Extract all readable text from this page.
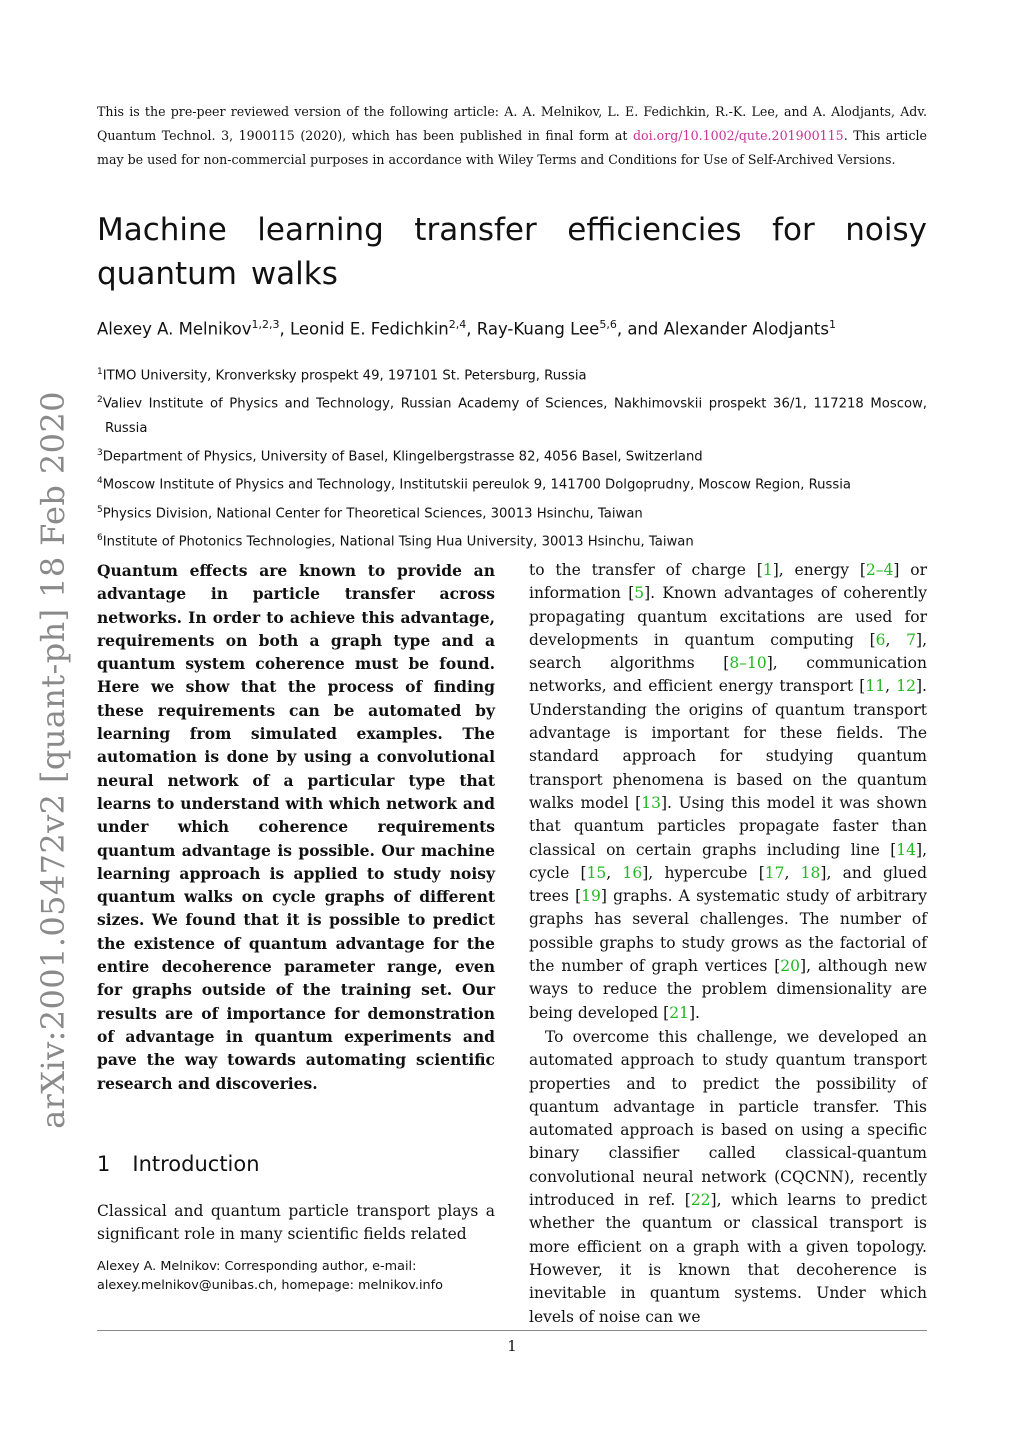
This is the pre-peer reviewed version of the following article: A. A. Melnikov, L. E. Fedichkin, R.-K. Lee, and A. Alodjants, Adv. Quantum Technol. 3, 1900115 (2020), which has been published in final form at doi.org/10.1002/qute.201900115. This article may be used for non-commercial purposes in accordance with Wiley Terms and Conditions for Use of Self-Archived Versions.
Machine learning transfer efficiencies for noisy quantum walks
Alexey A. Melnikov$^{1,2,3}$, Leonid E. Fedichkin$^{2,4}$, Ray-Kuang Lee$^{5,6}$, and Alexander Alodjants$^1$

$^1$ITMO University, Kronverksky prospekt 49, 197101 St. Petersburg, Russia

$^2$Valiev Institute of Physics and Technology, Russian Academy of Sciences, Nakhimovskii prospekt 36/1, 117218 Moscow, Russia

$^3$Department of Physics, University of Basel, Klingelbergstrasse 82, 4056 Basel, Switzerland

$^4$Moscow Institute of Physics and Technology, Institutskii pereulok 9, 141700 Dolgoprudny, Moscow Region, Russia

$^5$Physics Division, National Center for Theoretical Sciences, 30013 Hsinchu, Taiwan

$^6$Institute of Photonics Technologies, National Tsing Hua University, 30013 Hsinchu, Taiwan

arXiv:2001.05472v2 [quant-ph] 18 Feb 2020 Quantum effects are known to provide an advantage in particle transfer across networks. In order to achieve this advantage, requirements on both a graph type and a quantum system coherence must be found. Here we show that the process of finding these requirements can be automated by learning from simulated examples. The automation is done by using a convolutional neural network of a particular type that learns to understand with which network and under which coherence requirements quantum advantage is possible. Our machine learning approach is applied to study noisy quantum walks on cycle graphs of different sizes. We found that it is possible to predict the existence of quantum advantage for the entire decoherence parameter range, even for graphs outside of the training set. Our results are of importance for demonstration of advantage in quantum experiments and pave the way towards automating scientific research and discoveries.

1 Introduction

Classical and quantum particle transport plays a significant role in many scientific fields related

Alexey A. Melnikov: Corresponding author, e-mail:
alexey.melnikov@unibas.ch, homepage: melnikov.info

to the transfer of charge [1], energy [2–4] or information [5]. Known advantages of coherently propagating quantum excitations are used for developments in quantum computing [6, 7], search algorithms [8–10], communication networks, and efficient energy transport [11, 12]. Understanding the origins of quantum transport advantage is important for these fields. The standard approach for studying quantum transport phenomena is based on the quantum walks model [13]. Using this model it was shown that quantum particles propagate faster than classical on certain graphs including line [14], cycle [15, 16], hypercube [17, 18], and glued trees [19] graphs. A systematic study of arbitrary graphs has several challenges. The number of possible graphs to study grows as the factorial of the number of graph vertices [20], although new ways to reduce the problem dimensionality are being developed [21].

To overcome this challenge, we developed an automated approach to study quantum transport properties and to predict the possibility of quantum advantage in particle transfer. This automated approach is based on using a specific binary classifier called classical-quantum convolutional neural network (CQCNN), recently introduced in ref. [22], which learns to predict whether the quantum or classical transport is more efficient on a graph with a given topology. However, it is known that decoherence is inevitable in quantum systems. Under which levels of noise can we

1
